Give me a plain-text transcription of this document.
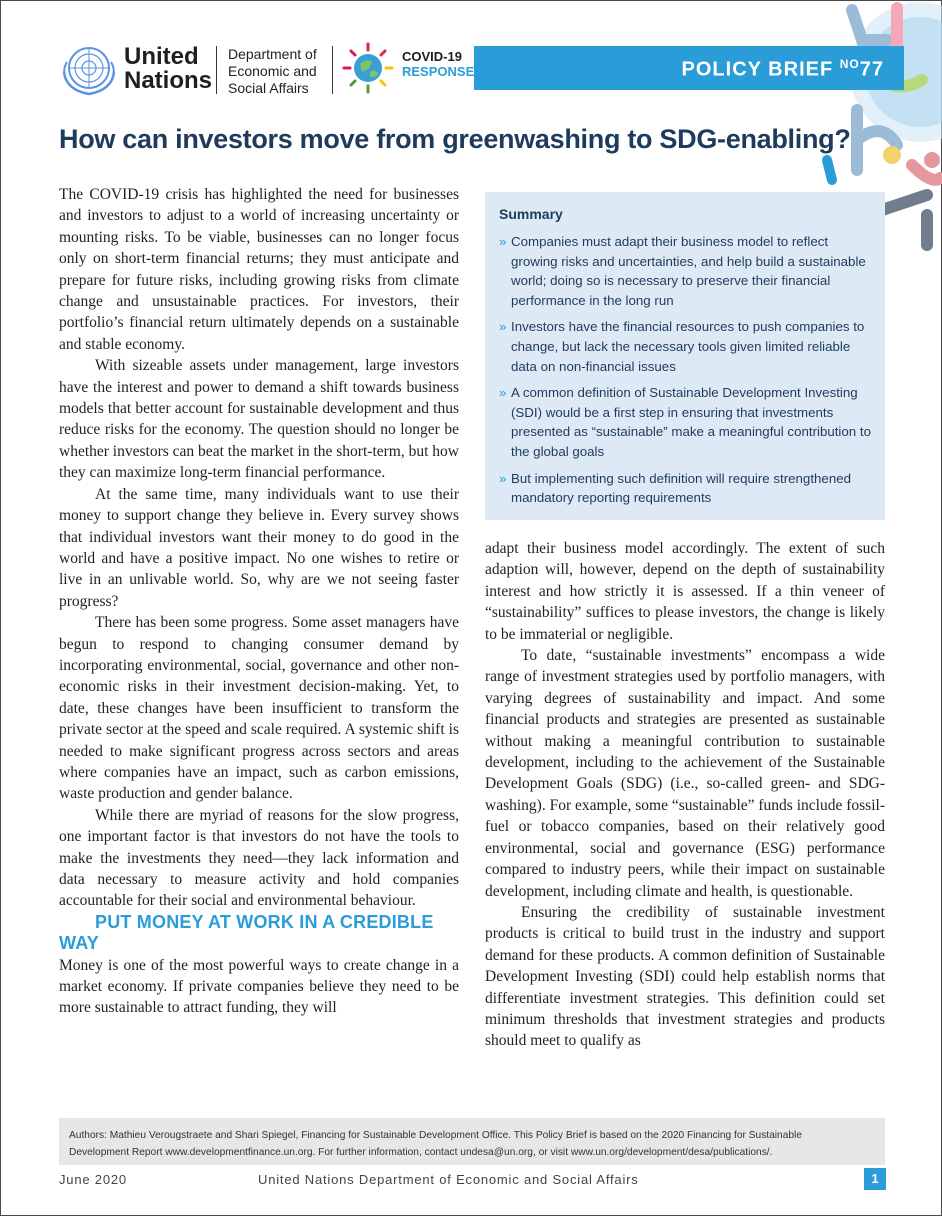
United
Nations
Department of
Economic and
Social Affairs
COVID-19
RESPONSE	POLICY BRIEF $^{NO}$77
How can investors move from greenwashing to SDG-enabling?

The COVID-19 crisis has highlighted the need for businesses and investors to adjust to a world of increasing uncertainty or mounting risks. To be viable, businesses can no longer focus only on short-term financial returns; they must anticipate and prepare for future risks, including growing risks from climate change and unsustainable practices. For investors, their portfolio’s financial return ultimately depends on a sustainable and stable economy.

With sizeable assets under management, large investors have the interest and power to demand a shift towards business models that better account for sustainable development and thus reduce risks for the economy. The question should no longer be whether investors can beat the market in the short-term, but how they can maximize long-term financial performance.

At the same time, many individuals want to use their money to support change they believe in. Every survey shows that individual investors want their money to do good in the world and have a positive impact. No one wishes to retire or live in an unlivable world. So, why are we not seeing faster progress?

There has been some progress. Some asset managers have begun to respond to changing consumer demand by incorporating environmental, social, governance and other non-economic risks in their investment decision-making. Yet, to date, these changes have been insufficient to transform the private sector at the speed and scale required. A systemic shift is needed to make significant progress across sectors and areas where companies have an impact, such as carbon emissions, waste production and gender balance.

While there are myriad of reasons for the slow progress, one important factor is that investors do not have the tools to make the investments they need—they lack information and data necessary to measure activity and hold companies accountable for their social and environmental behaviour.

PUT MONEY AT WORK IN A CREDIBLE WAY

Money is one of the most powerful ways to create change in a market economy. If private companies believe they need to be more sustainable to attract funding, they will

Summary
» Companies must adapt their business model to reflect growing risks and uncertainties, and help build a sustainable world; doing so is necessary to preserve their financial performance in the long run
» Investors have the financial resources to push companies to change, but lack the necessary tools given limited reliable data on non-financial issues
» A common definition of Sustainable Development Investing (SDI) would be a first step in ensuring that investments presented as “sustainable” make a meaningful contribution to the global goals
» But implementing such definition will require strengthened mandatory reporting requirements

adapt their business model accordingly. The extent of such adaption will, however, depend on the depth of sustainability interest and how strictly it is assessed. If a thin veneer of “sustainability” suffices to please investors, the change is likely to be immaterial or negligible.

To date, “sustainable investments” encompass a wide range of investment strategies used by portfolio managers, with varying degrees of sustainability and impact. And some financial products and strategies are presented as sustainable without making a meaningful contribution to sustainable development, including to the achievement of the Sustainable Development Goals (SDG) (i.e., so-called green- and SDG-washing). For example, some “sustainable” funds include fossil-fuel or tobacco companies, based on their relatively good environmental, social and governance (ESG) performance compared to industry peers, while their impact on sustainable development, including climate and health, is questionable.

Ensuring the credibility of sustainable investment products is critical to build trust in the industry and support demand for these products. A common definition of Sustainable Development Investing (SDI) could help establish norms that differentiate investment strategies. This definition could set minimum thresholds that investment strategies and products should meet to qualify as

Authors: Mathieu Verougstraete and Shari Spiegel, Financing for Sustainable Development Office. This Policy Brief is based on the 2020 Financing for Sustainable
Development Report www.developmentfinance.un.org. For further information, contact undesa@un.org, or visit www.un.org/development/desa/publications/.
June 2020	United Nations Department of Economic and Social Affairs	1
